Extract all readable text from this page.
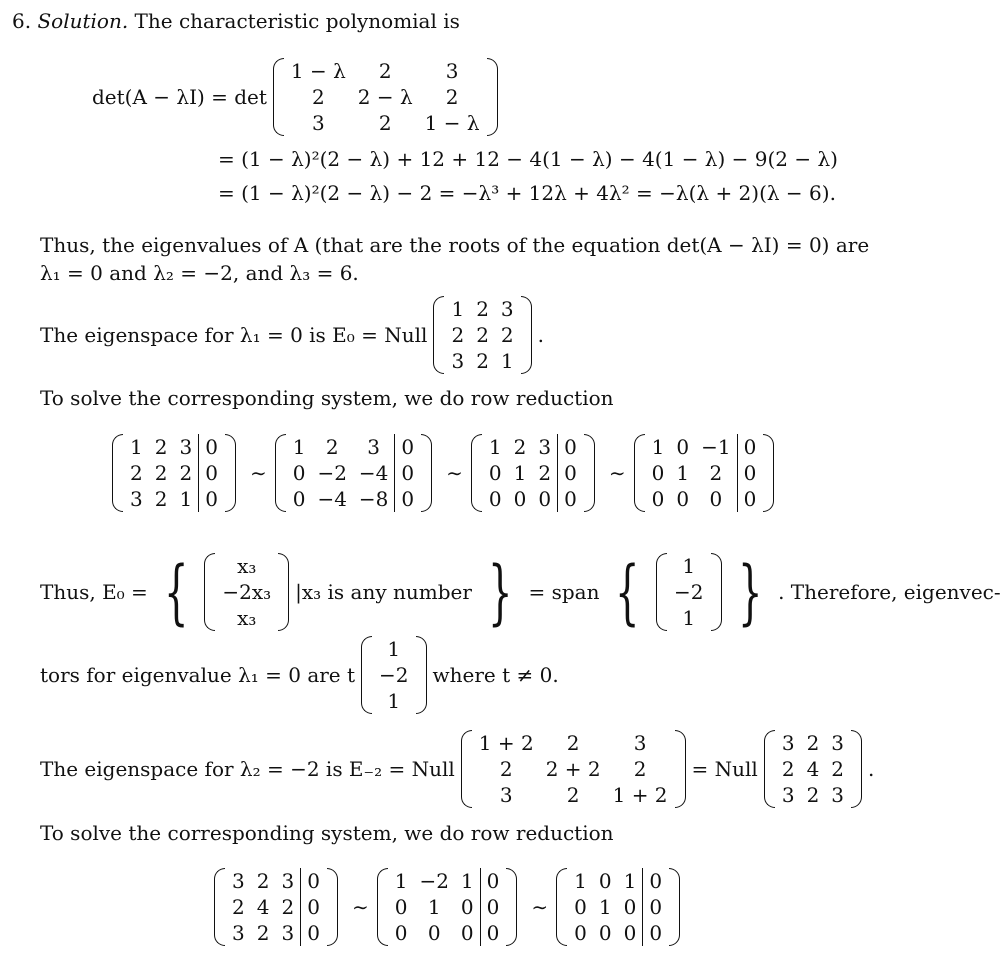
6. Solution. The characteristic polynomial is
det(A − λI) = det
1 − λ	2	3
2	2 − λ	2
3	2	1 − λ
= (1 − λ)²(2 − λ) + 12 + 12 − 4(1 − λ) − 4(1 − λ) − 9(2 − λ)
= (1 − λ)²(2 − λ) − 2 = −λ³ + 12λ + 4λ² = −λ(λ + 2)(λ − 6).
Thus, the eigenvalues of A (that are the roots of the equation det(A − λI) = 0) are
λ₁ = 0 and λ₂ = −2, and λ₃ = 6.
The eigenspace for λ₁ = 0 is E₀ = Null
1	2	3
2	2	2
3	2	1
.
To solve the corresponding system, we do row reduction
1	2	3	0
2	2	2	0
3	2	1	0
∼
1	2	3	0
0	−2	−4	0
0	−4	−8	0
∼
1	2	3	0
0	1	2	0
0	0	0	0
∼
1	0	−1	0
0	1	2	0
0	0	0	0
Thus, E₀ = { x₃
−2x₃
x₃
|x₃ is any number } = span { 1
−2
1 } . Therefore, eigenvec-
tors for eigenvalue λ₁ = 0 are t
1
−2
1
where t ≠ 0.
The eigenspace for λ₂ = −2 is E₋₂ = Null
1 + 2	2	3
2	2 + 2	2
3	2	1 + 2
= Null
3	2	3
2	4	2
3	2	3
.
To solve the corresponding system, we do row reduction
3	2	3	0
2	4	2	0
3	2	3	0
∼
1	−2	1	0
0	1	0	0
0	0	0	0
∼
1	0	1	0
0	1	0	0
0	0	0	0
